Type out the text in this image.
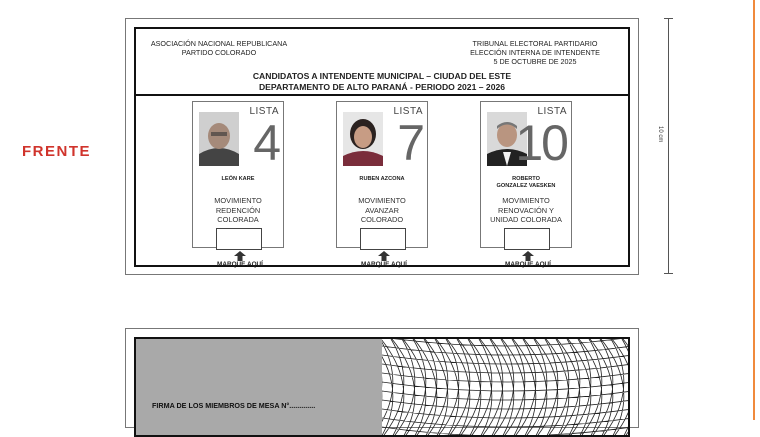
FRENTE
10 cm
ASOCIACIÓN NACIONAL REPUBLICANA
PARTIDO COLORADO
TRIBUNAL ELECTORAL PARTIDARIO
ELECCIÓN INTERNA DE INTENDENTE
5 DE OCTUBRE DE 2025
CANDIDATOS A INTENDENTE MUNICIPAL – CIUDAD DEL ESTE
DEPARTAMENTO DE ALTO PARANÁ - PERIODO 2021 – 2026
LISTA
4
LEÓN KARE
MOVIMIENTO
REDENCIÓN
COLORADA
MARQUE AQUÍ
LISTA
7
RUBEN AZCONA
MOVIMIENTO
AVANZAR
COLORADO
MARQUE AQUÍ
LISTA
10
ROBERTO
GONZALEZ VAESKEN
MOVIMIENTO
RENOVACIÓN Y
UNIDAD COLORADA
MARQUE AQUÍ
FIRMA DE LOS MIEMBROS DE MESA N°.............
